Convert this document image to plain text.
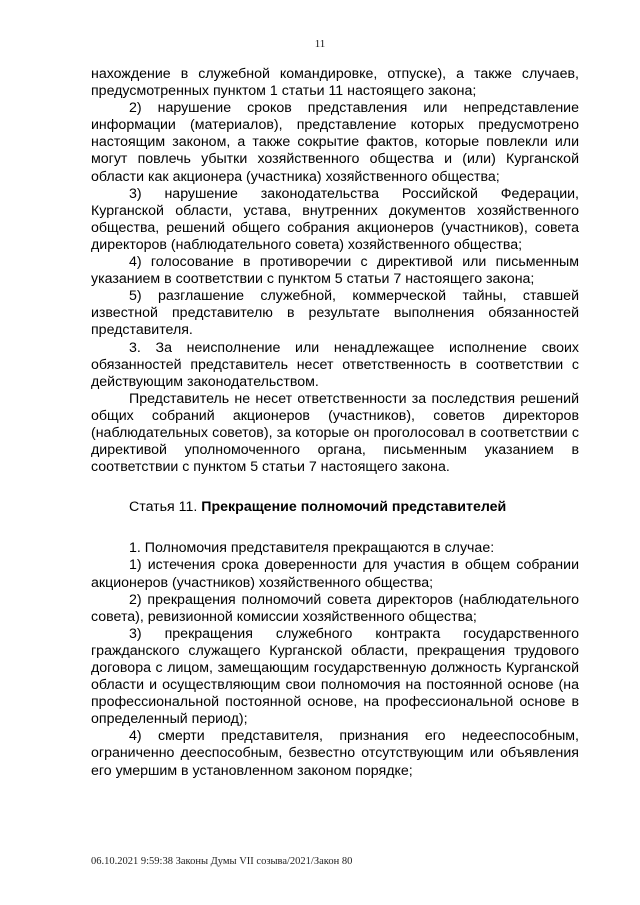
11

нахождение в служебной командировке, отпуске), а также случаев, предусмотренных пунктом 1 статьи 11 настоящего закона;

2) нарушение сроков представления или непредставление информации (материалов), представление которых предусмотрено настоящим законом, а также сокрытие фактов, которые повлекли или могут повлечь убытки хозяйственного общества и (или) Курганской области как акционера (участника) хозяйственного общества;

3) нарушение законодательства Российской Федерации, Курганской области, устава, внутренних документов хозяйственного общества, решений общего собрания акционеров (участников), совета директоров (наблюдательного совета) хозяйственного общества;

4) голосование в противоречии с директивой или письменным указанием в соответствии с пунктом 5 статьи 7 настоящего закона;

5) разглашение служебной, коммерческой тайны, ставшей известной представителю в результате выполнения обязанностей представителя.

3. За неисполнение или ненадлежащее исполнение своих обязанностей представитель несет ответственность в соответствии с действующим законодательством.

Представитель не несет ответственности за последствия решений общих собраний акционеров (участников), советов директоров (наблюдательных советов), за которые он проголосовал в соответствии с директивой уполномоченного органа, письменным указанием в соответствии с пунктом 5 статьи 7 настоящего закона.

Статья 11. Прекращение полномочий представителей

1. Полномочия представителя прекращаются в случае:

1) истечения срока доверенности для участия в общем собрании акционеров (участников) хозяйственного общества;

2) прекращения полномочий совета директоров (наблюдательного совета), ревизионной комиссии хозяйственного общества;

3) прекращения служебного контракта государственного гражданского служащего Курганской области, прекращения трудового договора с лицом, замещающим государственную должность Курганской области и осуществляющим свои полномочия на постоянной основе (на профессиональной постоянной основе, на профессиональной основе в определенный период);

4) смерти представителя, признания его недееспособным, ограниченно дееспособным, безвестно отсутствующим или объявления его умершим в установленном законом порядке;

06.10.2021 9:59:38 Законы Думы VII созыва/2021/Закон 80
